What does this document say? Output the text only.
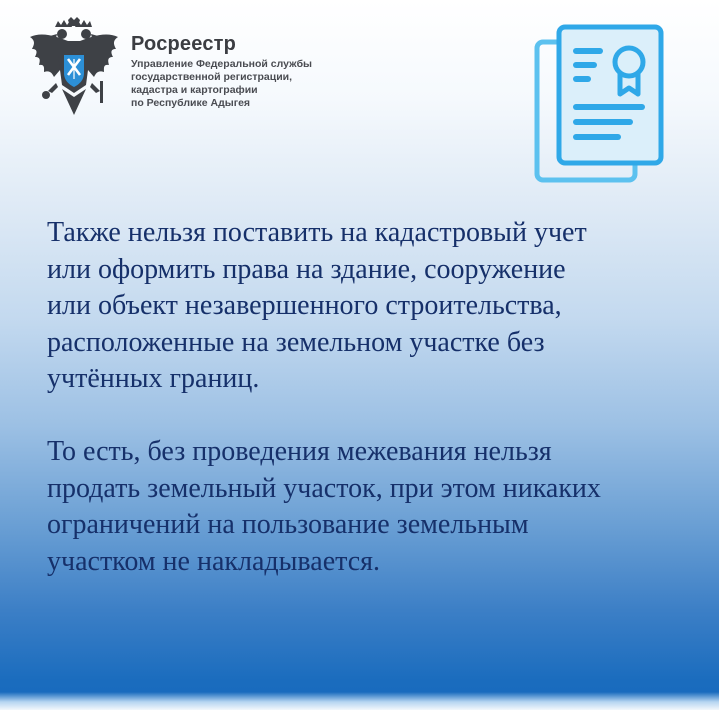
Росреестр
Управление Федеральной службы
государственной регистрации,
кадастра и картографии
по Республике Адыгея

Также нельзя поставить на кадастровый учет
или оформить права на здание, сооружение
или объект незавершенного строительства,
расположенные на земельном участке без
учтённых границ.

То есть, без проведения межевания нельзя
продать земельный участок, при этом никаких
ограничений на пользование земельным
участком не накладывается.
